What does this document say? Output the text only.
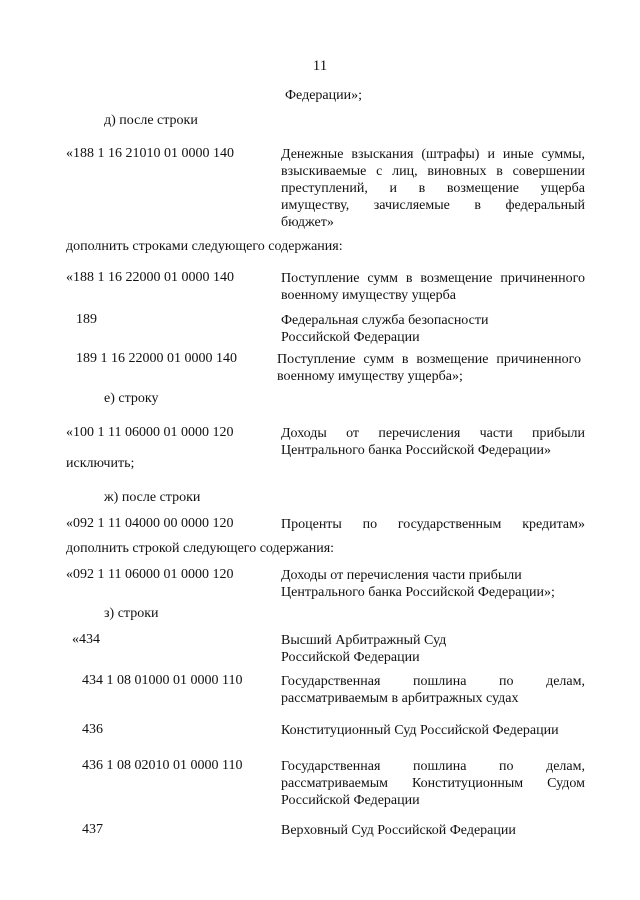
11
Федерации»;
д) после строки
«188 1 16 21010 01 0000 140	Денежные взыскания (штрафы) и иные суммы,
взыскиваемые с лиц, виновных в совершении
преступлений, и в возмещение ущерба
имуществу, зачисляемые в федеральный
бюджет»
дополнить строками следующего содержания:
«188 1 16 22000 01 0000 140	Поступление сумм в возмещение причиненного
военному имуществу ущерба
189	Федеральная служба безопасности
Российской Федерации
189 1 16 22000 01 0000 140	Поступление сумм в возмещение причиненного
военному имуществу ущерба»;
е) строку
«100 1 11 06000 01 0000 120	Доходы от перечисления части прибыли
Центрального банка Российской Федерации»
исключить;
ж) после строки
«092 1 11 04000 00 0000 120	Проценты по государственным кредитам»
дополнить строкой следующего содержания:
«092 1 11 06000 01 0000 120	Доходы от перечисления части прибыли
Центрального банка Российской Федерации»;
з) строки
«434	Высший Арбитражный Суд
Российской Федерации
434 1 08 01000 01 0000 110	Государственная пошлина по делам,
рассматриваемым в арбитражных судах
436	Конституционный Суд Российской Федерации
436 1 08 02010 01 0000 110	Государственная пошлина по делам,
рассматриваемым Конституционным Судом
Российской Федерации
437	Верховный Суд Российской Федерации
